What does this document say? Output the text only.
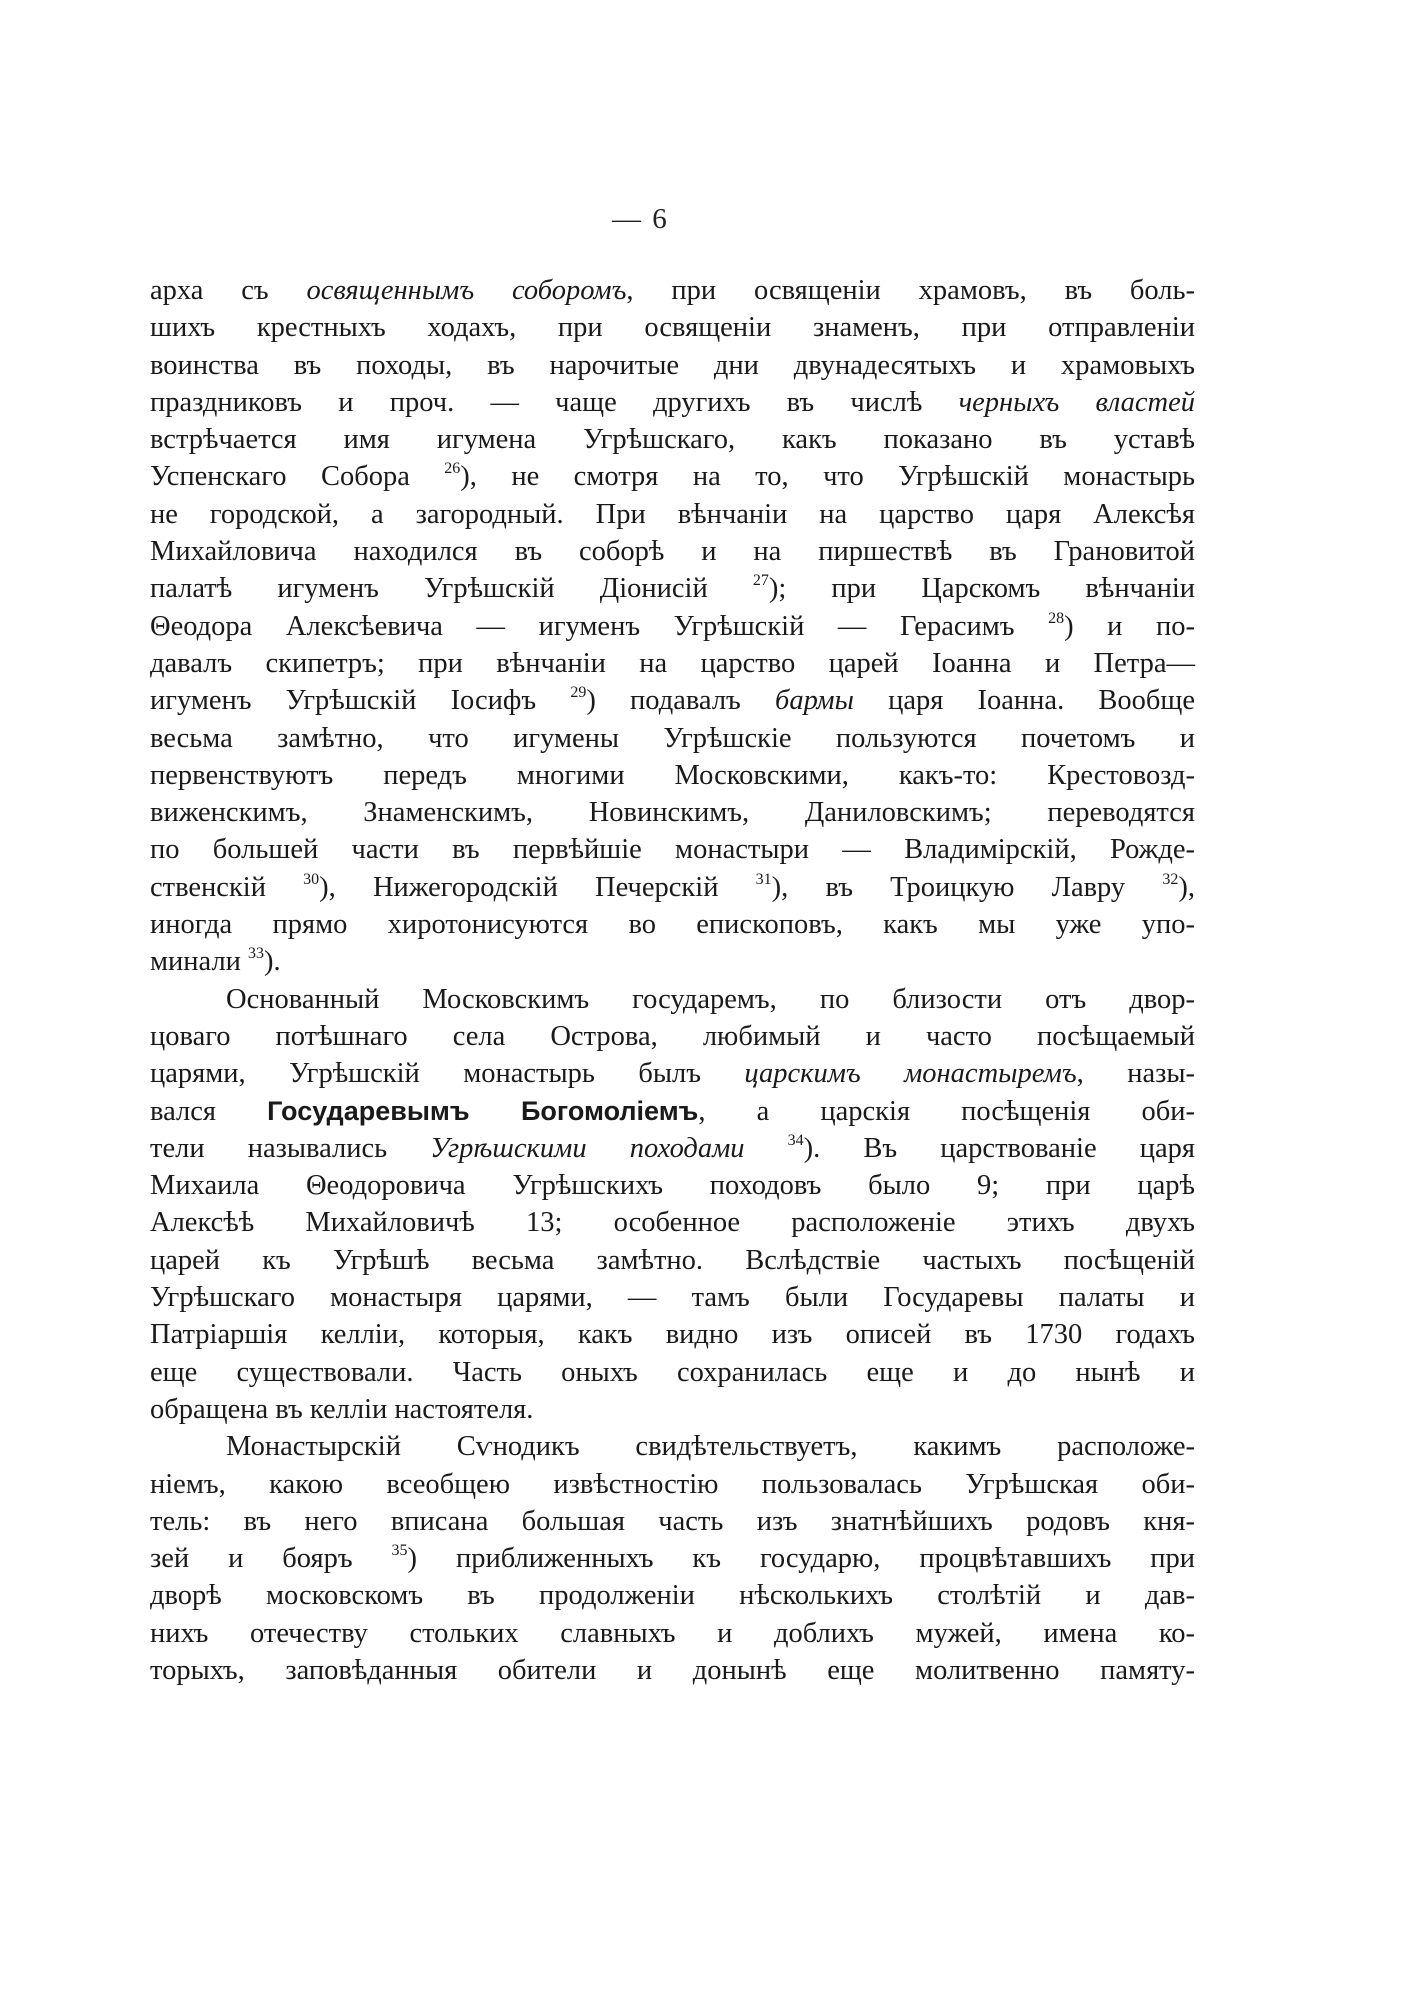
— 6
арха съ освященнымъ соборомъ, при освященіи храмовъ, въ боль-
шихъ крестныхъ ходахъ, при освященіи знаменъ, при отправленіи
воинства въ походы, въ нарочитые дни двунадесятыхъ и храмовыхъ
праздниковъ и проч. — чаще другихъ въ числѣ черныхъ властей
встрѣчается имя игумена Угрѣшскаго, какъ показано въ уставѣ
Успенскаго Собора $^{26}$), не смотря на то, что Угрѣшскій монастырь
не городской, а загородный. При вѣнчаніи на царство царя Алексѣя
Михайловича находился въ соборѣ и на пиршествѣ въ Грановитой
палатѣ игуменъ Угрѣшскій Діонисій $^{27}$); при Царскомъ вѣнчаніи
Θеодора Алексѣевича — игуменъ Угрѣшскій — Герасимъ $^{28}$) и по-
давалъ скипетръ; при вѣнчаніи на царство царей Іоанна и Петра—
игуменъ Угрѣшскій Іосифъ $^{29}$) подавалъ бармы царя Іоанна. Вообще
весьма замѣтно, что игумены Угрѣшскіе пользуются почетомъ и
первенствуютъ передъ многими Московскими, какъ-то: Крестовозд-
виженскимъ, Знаменскимъ, Новинскимъ, Даниловскимъ; переводятся
по большей части въ первѣйшіе монастыри — Владимірскій, Рожде-
ственскій $^{30}$), Нижегородскій Печерскій $^{31}$), въ Троицкую Лавру $^{32}$),
иногда прямо хиротонисуются во епископовъ, какъ мы уже упо-
минали $^{33}$).
Основанный Московскимъ государемъ, по близости отъ двор-
цоваго потѣшнаго села Острова, любимый и часто посѣщаемый
царями, Угрѣшскій монастырь былъ царскимъ монастыремъ, назы-
вался Государевымъ Богомоліемъ, а царскія посѣщенія оби-
тели назывались Угрѣшскими походами	$^{34}$). Въ царствованіе царя
Михаила Θеодоровича Угрѣшскихъ походовъ было 9; при царѣ
Алексѣѣ Михайловичѣ 13; особенное расположеніе этихъ двухъ
царей къ Угрѣшѣ весьма замѣтно. Вслѣдствіе частыхъ посѣщеній
Угрѣшскаго монастыря царями, — тамъ были Государевы палаты и
Патріаршія келліи, которыя, какъ видно изъ описей въ 1730 годахъ
еще существовали. Часть оныхъ сохранилась еще и до нынѣ и
обращена въ келліи настоятеля.
Монастырскій Сѵнодикъ свидѣтельствуетъ, какимъ расположе-
ніемъ, какою всеобщею извѣстностію пользовалась Угрѣшская оби-
тель: въ него вписана большая часть изъ знатнѣйшихъ родовъ кня-
зей и бояръ $^{35}$) приближенныхъ къ государю, процвѣтавшихъ при
дворѣ московскомъ въ продолженіи нѣсколькихъ столѣтій и дав-
нихъ отечеству стольких славныхъ и доблихъ мужей, имена ко-
торыхъ, заповѣданныя обители и донынѣ еще молитвенно памяту-
